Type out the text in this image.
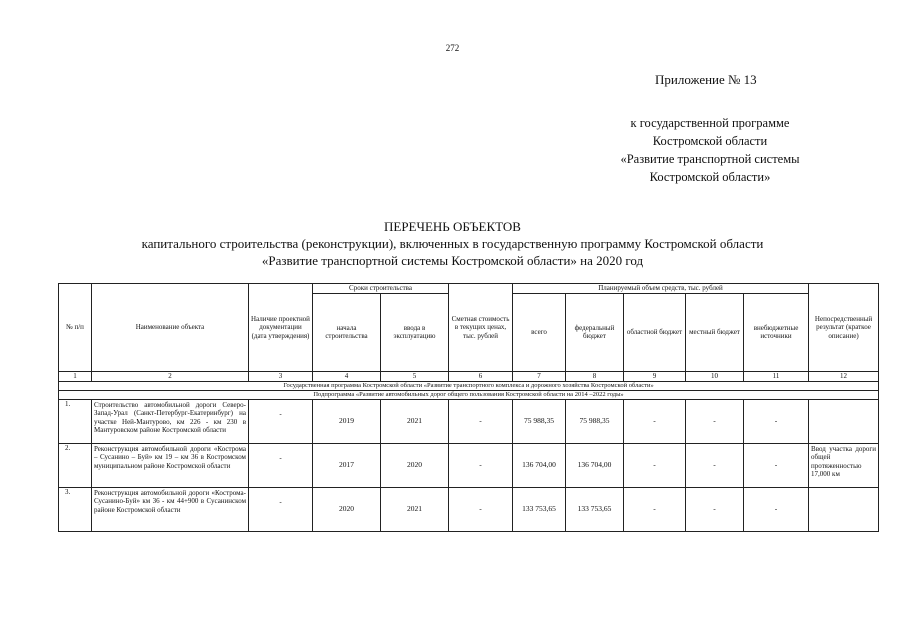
272
Приложение № 13
к государственной программе
Костромской области
«Развитие транспортной системы
Костромской области»
ПЕРЕЧЕНЬ ОБЪЕКТОВ
капитального строительства (реконструкции), включенных в государственную программу Костромской области
«Развитие транспортной системы Костромской области» на 2020 год
№ п/п	Наименование объекта	Наличие проектной документации (дата утверждения)	Сроки строительства		Сметная стоимость в текущих ценах, тыс. рублей	Планируемый объем средств, тыс. рублей					Непосредственный результат (краткое описание)
			начала строительства	ввода в эксплуатацию		всего	федеральный бюджет	областной бюджет	местный бюджет	внебюджетные источники	
1	2	3	4	5	6	7	8	9	10	11	12
Государственная программа Костромской области «Развитие транспортного комплекса и дорожного хозяйства Костромской области»											
Подпрограмма «Развитие автомобильных дорог общего пользования Костромской области на 2014 –2022 годы»											
1.	Строительство автомобильной дороги Северо-Запад-Урал (Санкт-Петербург-Екатеринбург) на участке Ней-Мантурово, км 226 - км 230 в Мантуровском районе Костромской области	-	2019	2021	-	75 988,35	75 988,35	-	-	-	
2.	Реконструкция автомобильной дороги «Кострома – Сусанино – Буй» км 19 – км 36 в Костромском муниципальном районе Костромской области	-	2017	2020	-	136 704,00	136 704,00	-	-	-	Ввод участка дороги общей протяженностью 17,000 км
3.	Реконструкция автомобильной дороги «Кострома-Сусанино-Буй» км 36 - км 44+900 в Сусанинском районе Костромской области	-	2020	2021	-	133 753,65	133 753,65	-	-	-	
